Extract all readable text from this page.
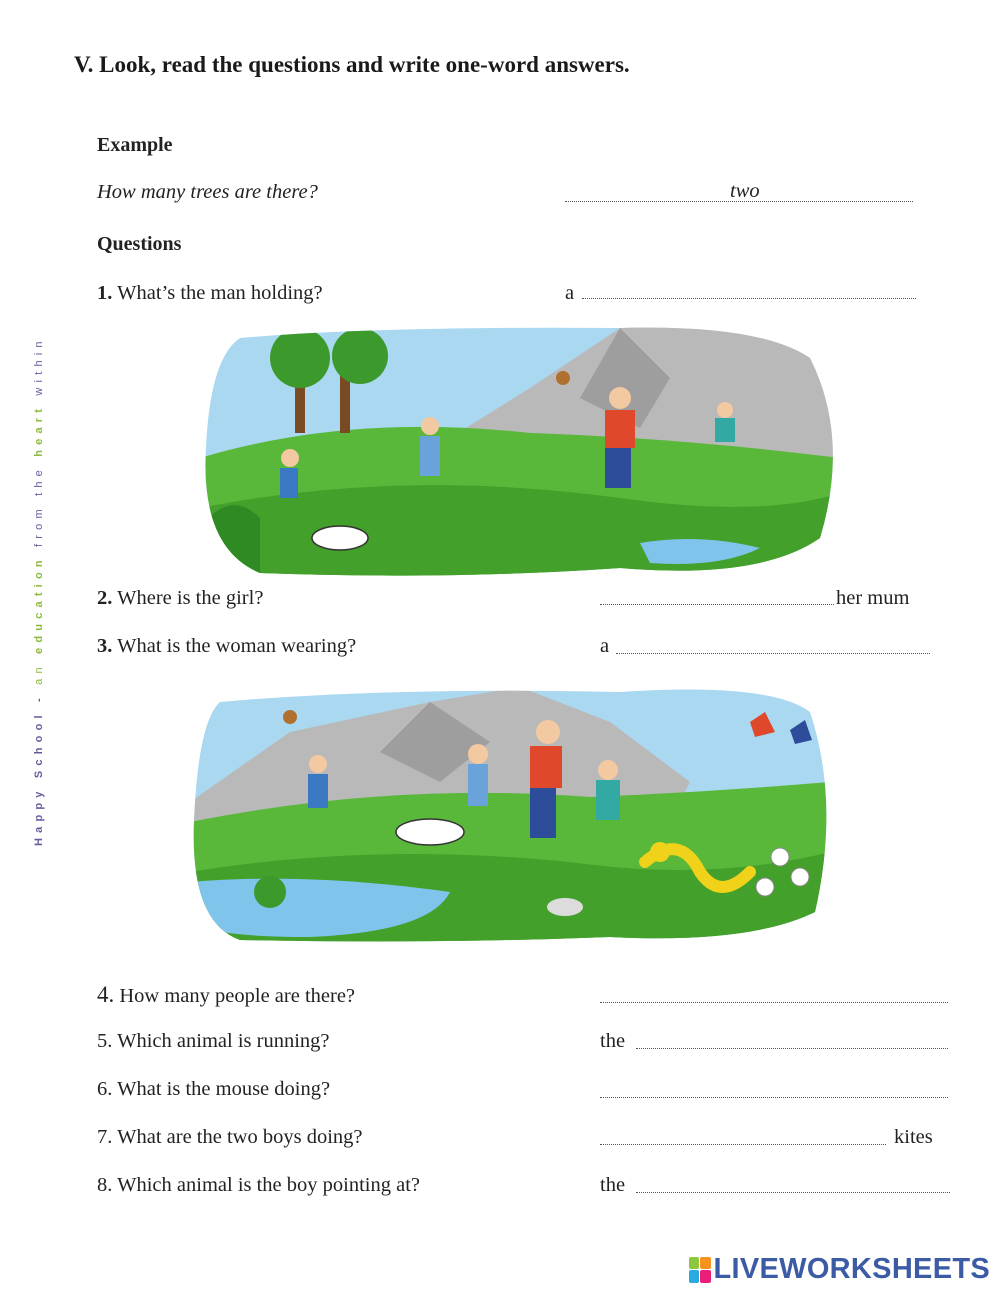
V. Look, read the questions and write one-word answers.
Example
How many trees are there?	two
Questions
1. What’s the man holding?	a
2. Where is the girl?	her mum
3. What is the woman wearing?	a
4. How many people are there?
5. Which animal is running?	the
6. What is the mouse doing?
7. What are the two boys doing?	kites
8. Which animal is the boy pointing at?	the
Happy School - an education from the heart within
LIVEWORKSHEETS
